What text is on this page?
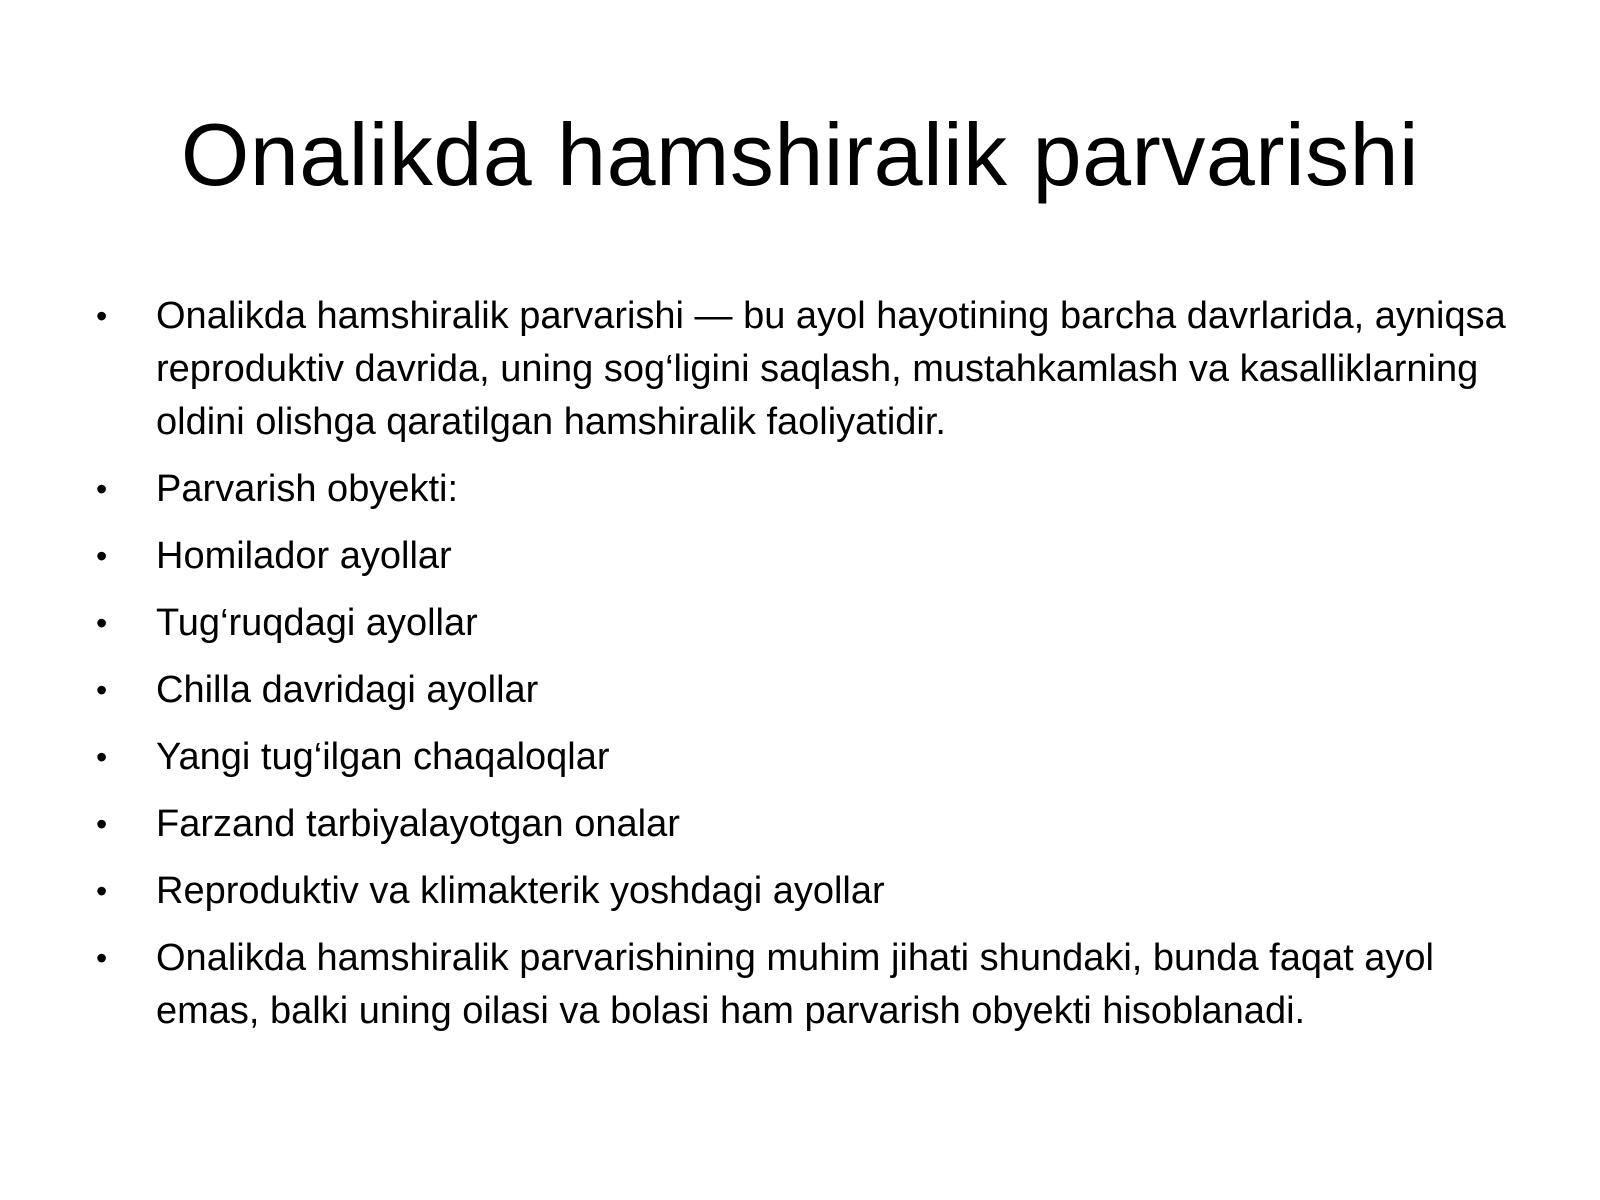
Onalikda hamshiralik parvarishi
•	Onalikda hamshiralik parvarishi — bu ayol hayotining barcha davrlarida, ayniqsa reproduktiv davrida, uning sog‘ligini saqlash, mustahkamlash va kasalliklarning oldini olishga qaratilgan hamshiralik faoliyatidir.
•	Parvarish obyekti:
•	Homilador ayollar
•	Tug‘ruqdagi ayollar
•	Chilla davridagi ayollar
•	Yangi tug‘ilgan chaqaloqlar
•	Farzand tarbiyalayotgan onalar
•	Reproduktiv va klimakterik yoshdagi ayollar
•	Onalikda hamshiralik parvarishining muhim jihati shundaki, bunda faqat ayol emas, balki uning oilasi va bolasi ham parvarish obyekti hisoblanadi.
